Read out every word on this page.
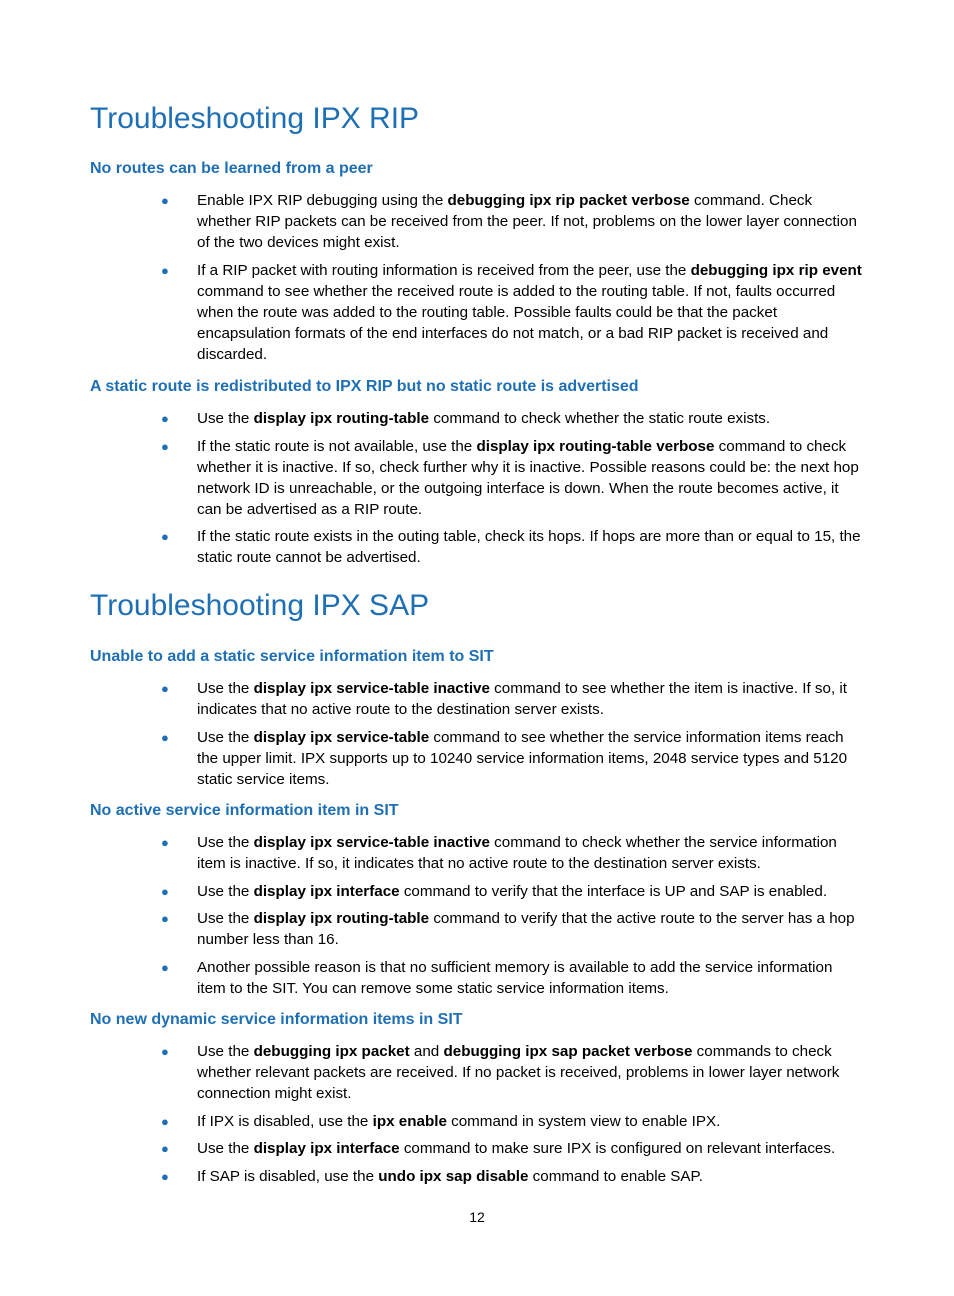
Troubleshooting IPX RIP
No routes can be learned from a peer
● Enable IPX RIP debugging using the debugging ipx rip packet verbose command. Check whether RIP packets can be received from the peer. If not, problems on the lower layer connection of the two devices might exist.
● If a RIP packet with routing information is received from the peer, use the debugging ipx rip event command to see whether the received route is added to the routing table. If not, faults occurred when the route was added to the routing table. Possible faults could be that the packet encapsulation formats of the end interfaces do not match, or a bad RIP packet is received and discarded.
A static route is redistributed to IPX RIP but no static route is advertised
● Use the display ipx routing-table command to check whether the static route exists.
● If the static route is not available, use the display ipx routing-table verbose command to check whether it is inactive. If so, check further why it is inactive. Possible reasons could be: the next hop network ID is unreachable, or the outgoing interface is down. When the route becomes active, it can be advertised as a RIP route.
● If the static route exists in the outing table, check its hops. If hops are more than or equal to 15, the static route cannot be advertised.
Troubleshooting IPX SAP
Unable to add a static service information item to SIT
● Use the display ipx service-table inactive command to see whether the item is inactive. If so, it indicates that no active route to the destination server exists.
● Use the display ipx service-table command to see whether the service information items reach the upper limit. IPX supports up to 10240 service information items, 2048 service types and 5120 static service items.
No active service information item in SIT
● Use the display ipx service-table inactive command to check whether the service information item is inactive. If so, it indicates that no active route to the destination server exists.
● Use the display ipx interface command to verify that the interface is UP and SAP is enabled.
● Use the display ipx routing-table command to verify that the active route to the server has a hop number less than 16.
● Another possible reason is that no sufficient memory is available to add the service information item to the SIT. You can remove some static service information items.
No new dynamic service information items in SIT
● Use the debugging ipx packet and debugging ipx sap packet verbose commands to check whether relevant packets are received. If no packet is received, problems in lower layer network connection might exist.
● If IPX is disabled, use the ipx enable command in system view to enable IPX.
● Use the display ipx interface command to make sure IPX is configured on relevant interfaces.
● If SAP is disabled, use the undo ipx sap disable command to enable SAP.
12
